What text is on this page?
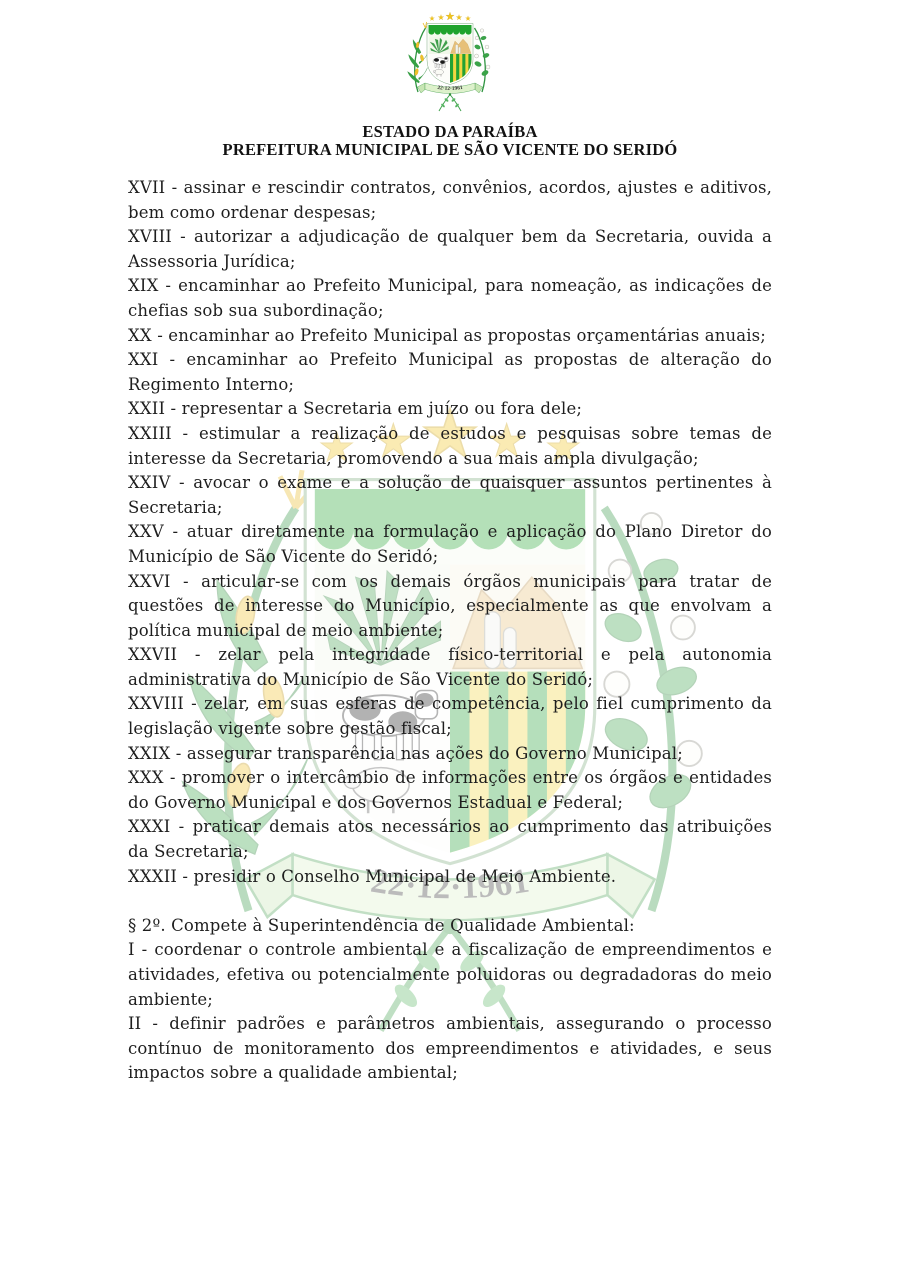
ESTADO DA PARAÍBA
PREFEITURA MUNICIPAL DE SÃO VICENTE DO SERIDÓ

XVII - assinar e rescindir contratos, convênios, acordos, ajustes e aditivos, bem como ordenar despesas;

XVIII - autorizar a adjudicação de qualquer bem da Secretaria, ouvida a Assessoria Jurídica;

XIX - encaminhar ao Prefeito Municipal, para nomeação, as indicações de chefias sob sua subordinação;

XX - encaminhar ao Prefeito Municipal as propostas orçamentárias anuais;

XXI - encaminhar ao Prefeito Municipal as propostas de alteração do Regimento Interno;

XXII - representar a Secretaria em juízo ou fora dele;

XXIII - estimular a realização de estudos e pesquisas sobre temas de interesse da Secretaria, promovendo a sua mais ampla divulgação;

XXIV - avocar o exame e a solução de quaisquer assuntos pertinentes à Secretaria;

XXV - atuar diretamente na formulação e aplicação do Plano Diretor do Município de São Vicente do Seridó;

XXVI - articular-se com os demais órgãos municipais para tratar de questões de interesse do Município, especialmente as que envolvam a política municipal de meio ambiente;

XXVII - zelar pela integridade físico-territorial e pela autonomia administrativa do Município de São Vicente do Seridó;

XXVIII - zelar, em suas esferas de competência, pelo fiel cumprimento da legislação vigente sobre gestão fiscal;

XXIX - assegurar transparência nas ações do Governo Municipal;

XXX - promover o intercâmbio de informações entre os órgãos e entidades do Governo Municipal e dos Governos Estadual e Federal;

XXXI - praticar demais atos necessários ao cumprimento das atribuições da Secretaria;

XXXII - presidir o Conselho Municipal de Meio Ambiente.

§ 2º. Compete à Superintendência de Qualidade Ambiental:

I - coordenar o controle ambiental e a fiscalização de empreendimentos e atividades, efetiva ou potencialmente poluidoras ou degradadoras do meio ambiente;

II - definir padrões e parâmetros ambientais, assegurando o processo contínuo de monitoramento dos empreendimentos e atividades, e seus impactos sobre a qualidade ambiental;
